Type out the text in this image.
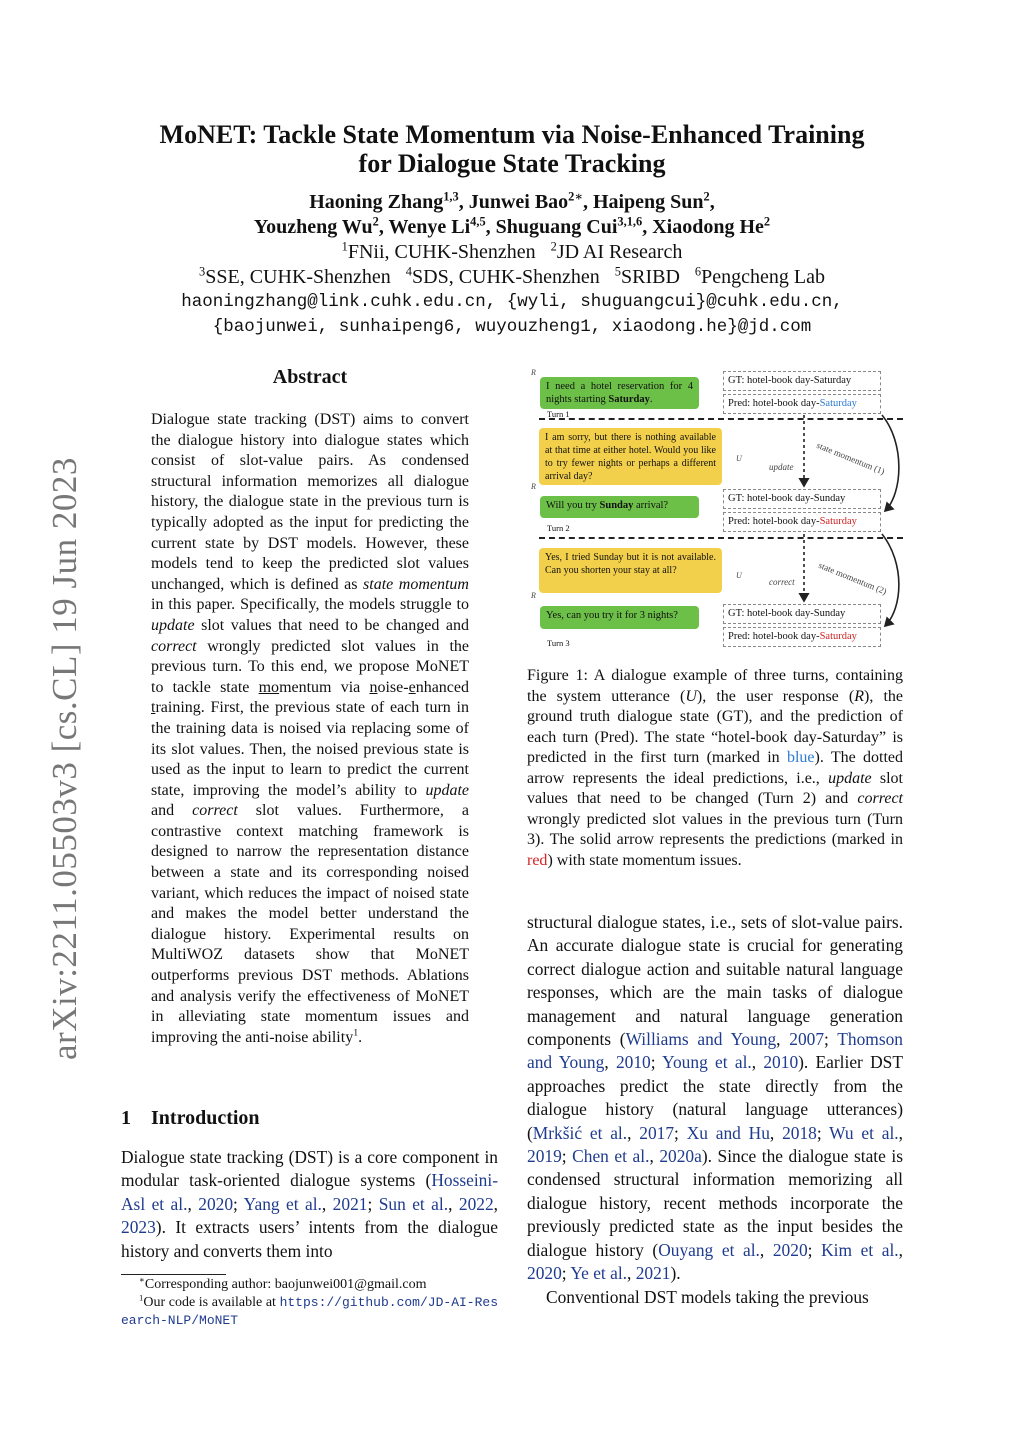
arXiv:2211.05503v3 [cs.CL] 19 Jun 2023
MoNET: Tackle State Momentum via Noise-Enhanced Training
for Dialogue State Tracking
Haoning Zhang$^{1,3}$, Junwei Bao$^{2∗}$, Haipeng Sun$^2$,
Youzheng Wu$^2$, Wenye Li$^{4,5}$, Shuguang Cui$^{3,1,6}$, Xiaodong He$^2$
$^1$FNii, CUHK-Shenzhen $^2$JD AI Research
$^3$SSE, CUHK-Shenzhen $^4$SDS, CUHK-Shenzhen $^5$SRIBD $^6$Pengcheng Lab
haoningzhang@link.cuhk.edu.cn, {wyli, shuguangcui}@cuhk.edu.cn,
{baojunwei, sunhaipeng6, wuyouzheng1, xiaodong.he}@jd.com
Abstract
Dialogue state tracking (DST) aims to convert the dialogue history into dialogue states which consist of slot-value pairs. As condensed structural information memorizes all dialogue history, the dialogue state in the previous turn is typically adopted as the input for predicting the current state by DST models. However, these models tend to keep the predicted slot values unchanged, which is defined as state momentum in this paper. Specifically, the models struggle to update slot values that need to be changed and correct wrongly predicted slot values in the previous turn. To this end, we propose MoNET to tackle state momentum via noise-enhanced training. First, the previous state of each turn in the training data is noised via replacing some of its slot values. Then, the noised previous state is used as the input to learn to predict the current state, improving the model’s ability to update and correct slot values. Furthermore, a contrastive context matching framework is designed to narrow the representation distance between a state and its corresponding noised variant, which reduces the impact of noised state and makes the model better understand the dialogue history. Experimental results on MultiWOZ datasets show that MoNET outperforms previous DST methods. Ablations and analysis verify the effectiveness of MoNET in alleviating state momentum issues and improving the anti-noise ability$^1$.
1 Introduction
Dialogue state tracking (DST) is a core component in modular task-oriented dialogue systems (Hosseini-Asl et al., 2020; Yang et al., 2021; Sun et al., 2022, 2023). It extracts users’ intents from the dialogue history and converts them into
∗Corresponding author: baojunwei001@gmail.com
$^1$Our code is available at https://github.com/JD-AI-Research-NLP/MoNET
R
I need a hotel reservation for 4 nights starting Saturday.
Turn 1
GT: hotel-book day-Saturday
Pred: hotel-book day-Saturday
I am sorry, but there is nothing available at that time at either hotel. Would you like to try fewer nights or perhaps a different arrival day?
U
R
Will you try Sunday arrival?
Turn 2
update state momentum (1)
GT: hotel-book day-Sunday
Pred: hotel-book day-Saturday
Yes, I tried Sunday but it is not available. Can you shorten your stay at all?	U
R
Yes, can you try it for 3 nights?
Turn 3
correct	state momentum (2)
GT: hotel-book day-Sunday
Pred: hotel-book day-Saturday
Figure 1: A dialogue example of three turns, containing the system utterance (U), the user response (R), the ground truth dialogue state (GT), and the prediction of each turn (Pred). The state “hotel-book day-Saturday” is predicted in the first turn (marked in blue). The dotted arrow represents the ideal predictions, i.e., update slot values that need to be changed (Turn 2) and correct wrongly predicted slot values in the previous turn (Turn 3). The solid arrow represents the predictions (marked in red) with state momentum issues.

structural dialogue states, i.e., sets of slot-value pairs. An accurate dialogue state is crucial for generating correct dialogue action and suitable natural language responses, which are the main tasks of dialogue management and natural language generation components (Williams and Young, 2007; Thomson and Young, 2010; Young et al., 2010). Earlier DST approaches predict the state directly from the dialogue history (natural language utterances) (Mrkšić et al., 2017; Xu and Hu, 2018; Wu et al., 2019; Chen et al., 2020a). Since the dialogue state is condensed structural information memorizing all dialogue history, recent methods incorporate the previously predicted state as the input besides the dialogue history (Ouyang et al., 2020; Kim et al., 2020; Ye et al., 2021).

Conventional DST models taking the previous
